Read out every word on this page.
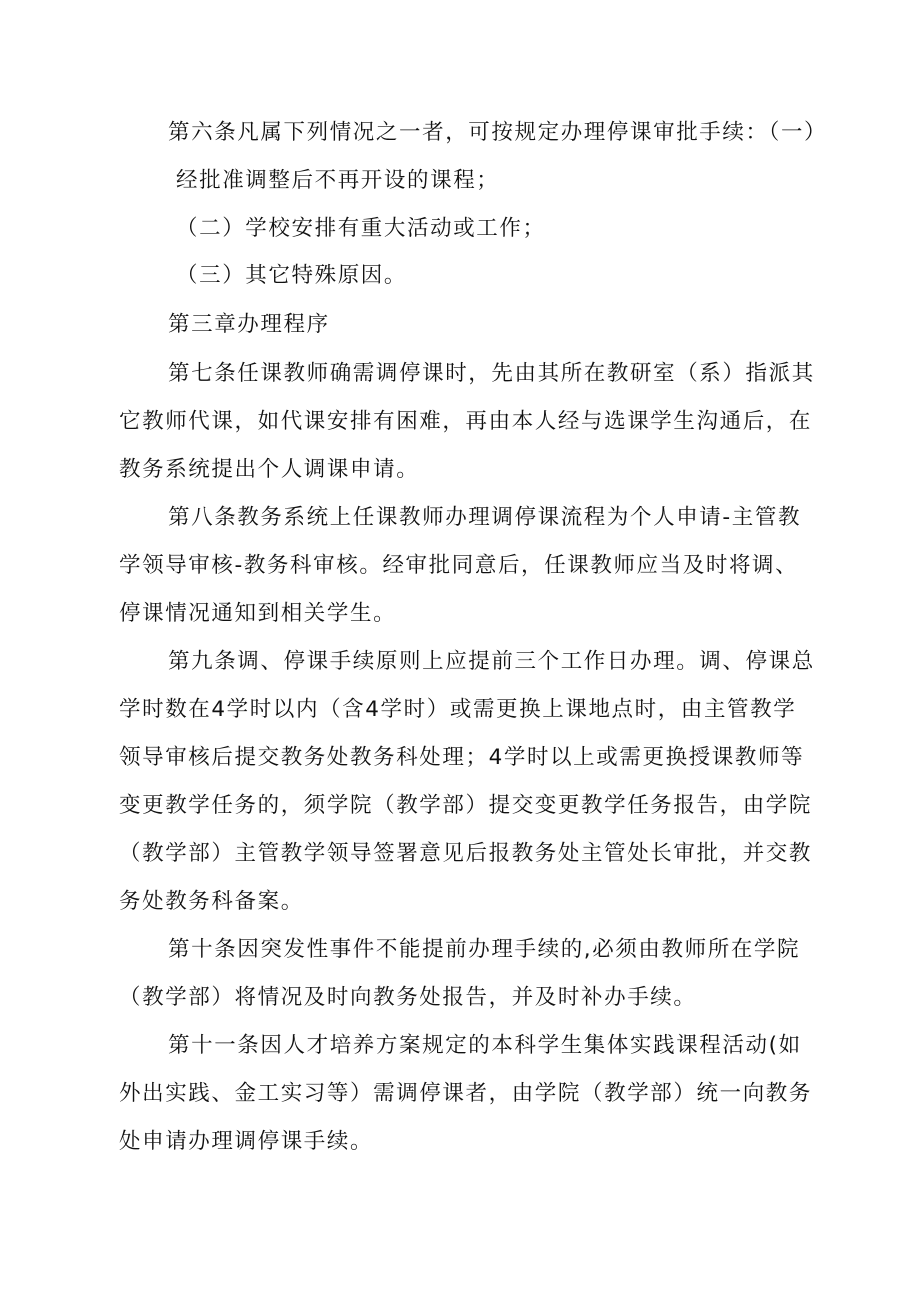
第六条凡属下列情况之一者，可按规定办理停课审批手续：（一）
经批准调整后不再开设的课程；
（二）学校安排有重大活动或工作；
（三）其它特殊原因。
第三章办理程序
第七条任课教师确需调停课时，先由其所在教研室（系）指派其
它教师代课，如代课安排有困难，再由本人经与选课学生沟通后，在
教务系统提出个人调课申请。
第八条教务系统上任课教师办理调停课流程为个人申请-主管教
学领导审核-教务科审核。经审批同意后，任课教师应当及时将调、
停课情况通知到相关学生。
第九条调、停课手续原则上应提前三个工作日办理。调、停课总
学时数在4学时以内（含4学时）或需更换上课地点时，由主管教学
领导审核后提交教务处教务科处理；4学时以上或需更换授课教师等
变更教学任务的，须学院（教学部）提交变更教学任务报告，由学院
（教学部）主管教学领导签署意见后报教务处主管处长审批，并交教
务处教务科备案。
第十条因突发性事件不能提前办理手续的,必须由教师所在学院
（教学部）将情况及时向教务处报告，并及时补办手续。
第十一条因人才培养方案规定的本科学生集体实践课程活动(如
外出实践、金工实习等）需调停课者，由学院（教学部）统一向教务
处申请办理调停课手续。
